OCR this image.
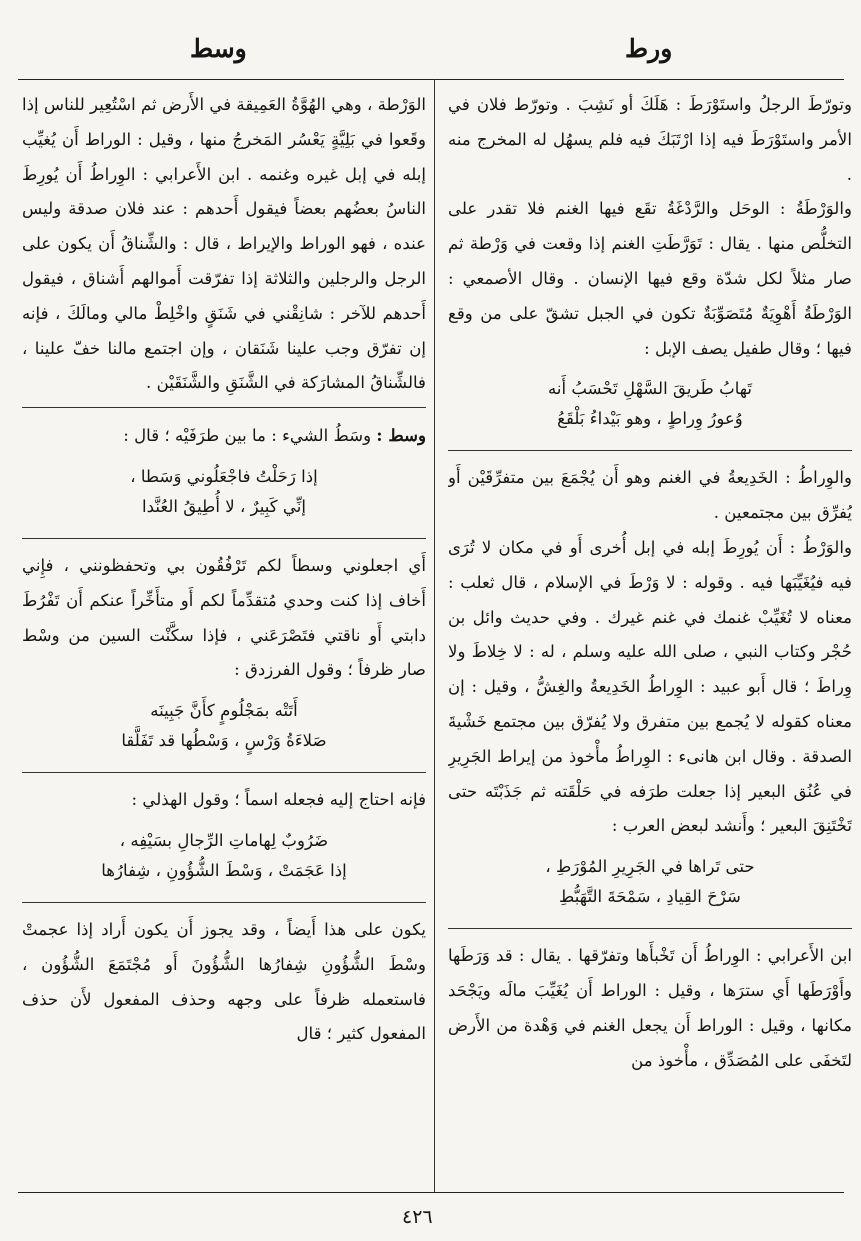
ورط
وسط

وتورّطَ الرجلُ واستَوْرَطَ : هَلَكَ أو نَشِبَ . وتورّط فلان في الأمر واستَوْرَطَ فيه إذا ارْتَبَكَ فيه فلم يسهُل له المخرج منه .

والوَرْطَةُ : الوحَل والرَّدْغَةُ تقَع فيها الغنم فلا تقدر على التخلُّص منها . يقال : تَوَرَّطَتِ الغنم إذا وقعت في وَرْطة ثم صار مثلاً لكل شدّة وقع فيها الإنسان . وقال الأصمعي : الوَرْطَةُ أَهْوِيَةٌ مُتَصَوِّبَةٌ تكون في الجبل تشقّ على من وقع فيها ؛ وقال طفيل يصف الإبل :

تَهابُ طَريقَ السَّهْلِ تَحْسَبُ أَنه
وُعورُ وِراطٍ ، وهو بَيْداءُ بَلْقَعُ

والوِراطُ : الخَدِيعةُ في الغنم وهو أَن يُجْمَعَ بين متفرِّقَيْن أَو يُفرِّق بين مجتمعين .

والوَرْطُ : أَن يُورِطَ إبله في إبل أُخرى أَو في مكان لا تُرَى فيه فيُغَيِّبَها فيه . وقوله : لا وَرْطَ في الإسلام ، قال ثعلب : معناه لا تُغَيِّبْ غنمك في غنم غيرك . وفي حديث وائل بن حُجْر وكتاب النبي ، صلى الله عليه وسلم ، له : لا خِلاطَ ولا وِراطَ ؛ قال أَبو عبيد : الوِراطُ الخَدِيعةُ والغِشُّ ، وقيل : إن معناه كقوله لا يُجمع بين متفرق ولا يُفرّق بين مجتمع خَشْيةَ الصدقة . وقال ابن هانىء : الوِراطُ مأْخوذ من إيراط الجَرِيرِ في عُنُق البعير إذا جعلت طرَفه في حَلْقَته ثم جَذَبْتَه حتى تَخْتَنِقَ البعير ؛ وأَنشد لبعض العرب :

حتى تَراها في الجَرِيرِ المُوْرَطِ ،
سَرْحَ القِيادِ ، سَمْحَةَ التَّهَبُّطِ

ابن الأَعرابي : الوِراطُ أَن تَخْبأَها وتفرّقها . يقال : قد وَرَطَها وأَوْرَطَها أَي سترَها ، وقيل : الوراط أَن يُغَيِّبَ مالَه ويَجْحَد مكانها ، وقيل : الوراط أَن يجعل الغنم في وَهْدة من الأَرض لتَخفَى على المُصَدِّق ، مأْخوذ من

الوَرْطة ، وهي الهُوَّةُ العَمِيقة في الأَرض ثم اسْتُعِير للناس إذا وقَعوا في بَلِيَّةٍ يَعْسُر المَخرجُ منها ، وقيل : الوراط أَن يُغيِّب إبله في إبل غيره وغنمه . ابن الأَعرابي : الوِراطُ أَن يُورِطَ الناسُ بعضُهم بعضاً فيقول أَحدهم : عند فلان صدقة وليس عنده ، فهو الوراط والإيراط ، قال : والشِّناقُ أَن يكون على الرجل والرجلين والثلاثة إذا تفرّقت أَموالهم أَشناق ، فيقول أَحدهم للآخر : شانِقْني في شَنَقٍ واخْلِطْ مالي ومالَكَ ، فإنه إن تفرّق وجب علينا شَنَقان ، وإن اجتمع مالنا خفّ علينا ، فالشِّناقُ المشارَكة في الشَّنَقِ والشَّنَقَيْن .

وسط : وسَطُ الشيء : ما بين طرَفَيْه ؛ قال :

إذا رَحَلْتُ فاجْعَلُوني وَسَطا ،
إنِّي كَبِيرٌ ، لا أُطِيقُ العُنَّدا

أَي اجعلوني وسطاً لكم تَرْفُقُون بي وتحفظونني ، فإِني أَخاف إذا كنت وحدي مُتقدِّماً لكم أَو متأَخِّراً عنكم أَن تَفْرُطَ دابتي أَو ناقتي فتَصْرَعَني ، فإذا سكَّنْت السين من وسْط صار ظرفاً ؛ وقول الفرزدق :

أَتَتْه بمَجْلُومٍ كأَنَّ جَبِينَه
صَلاءَةُ وَرْسٍ ، وَسْطُها قد تَفَلَّقا

فإنه احتاج إليه فجعله اسماً ؛ وقول الهذلي :

ضَرُوبٌ لِهاماتِ الرِّجالِ بسَيْفِه ،
إذا عَجَمَتْ ، وَسْطَ الشُّؤُونِ ، شِفارُها

يكون على هذا أَيضاً ، وقد يجوز أَن يكون أَراد إذا عجمتْ وسْطَ الشُّؤُونِ شِفارُها الشُّؤُونَ أَو مُجْتَمَعَ الشُّؤُون ، فاستعمله ظرفاً على وجهه وحذف المفعول لأَن حذف المفعول كثير ؛ قال

٤٢٦
